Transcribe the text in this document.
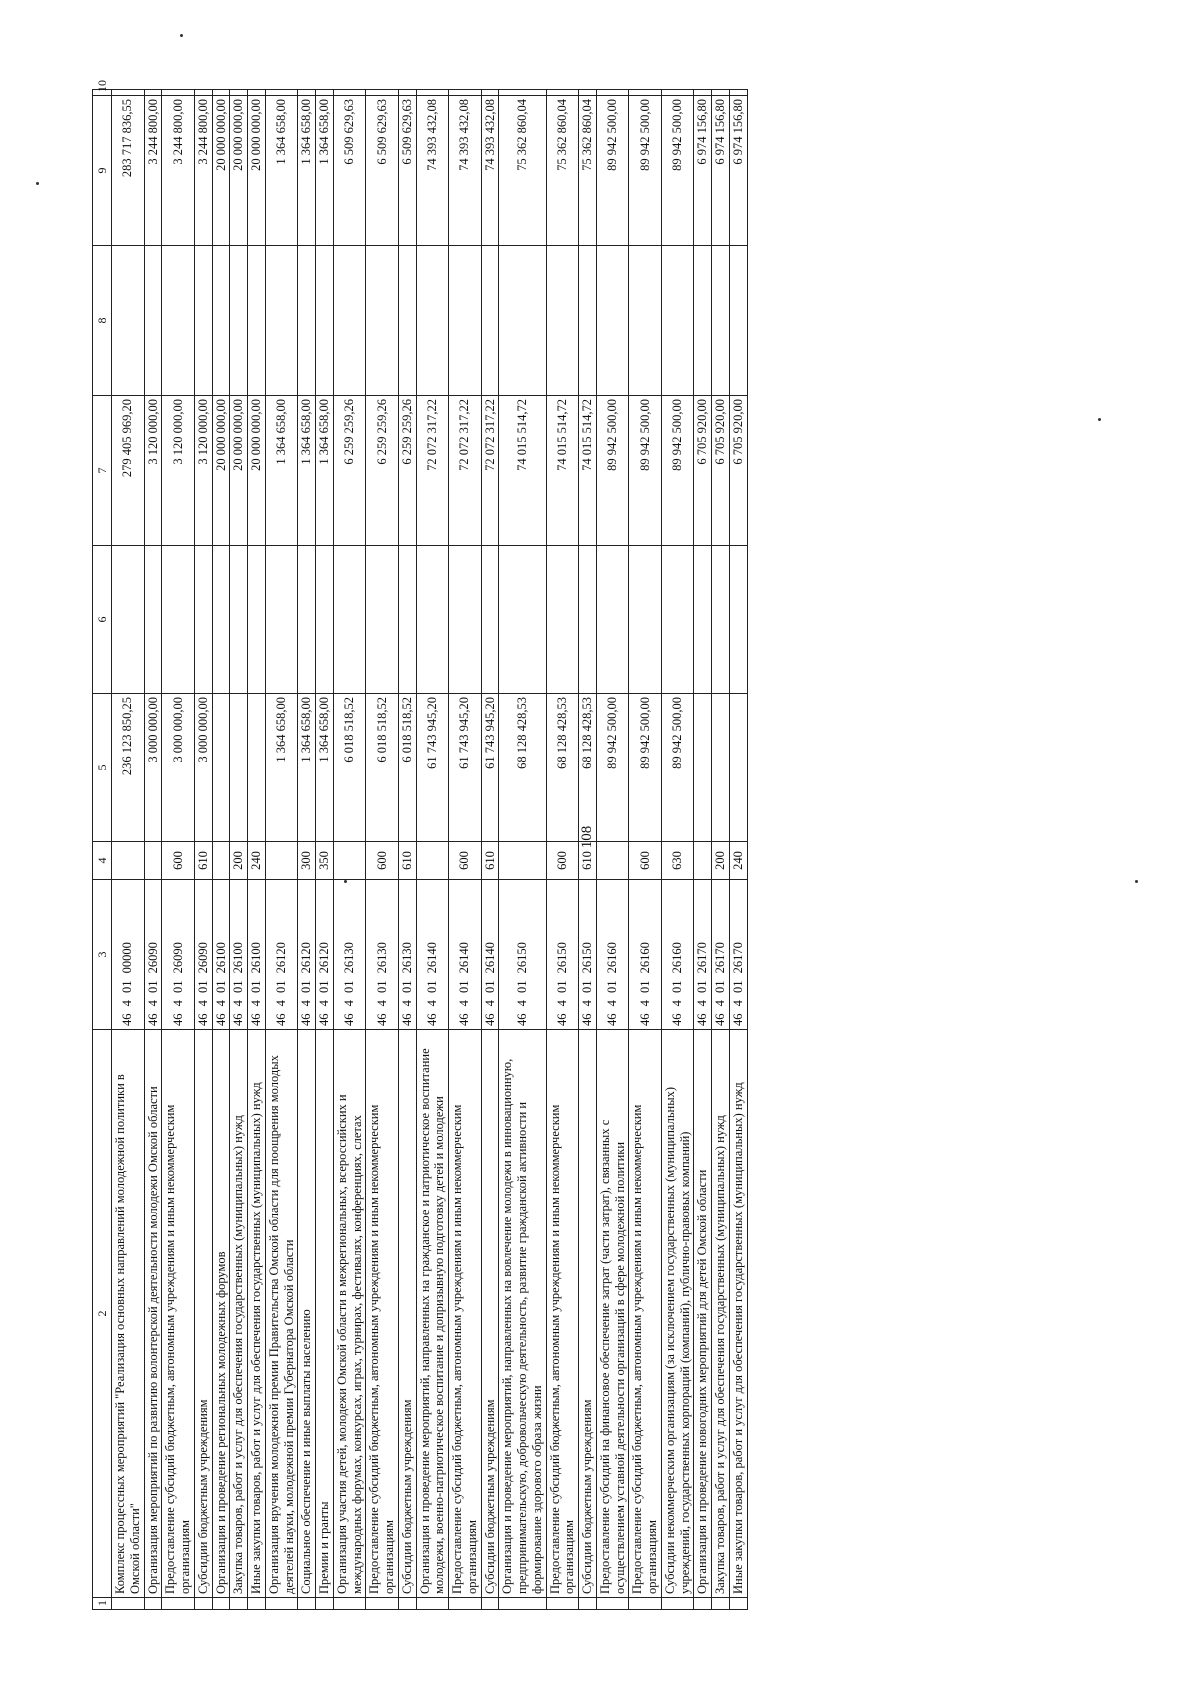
108
1	2	3	4	5	6	7	8	9	10
	Комплекс процессных мероприятий "Реализация основных направлений молодежной политики в Омской области"	46 4 01 00000		236 123 850,25		279 405 969,20		283 717 836,55	
	Организация мероприятий по развитию волонтерской деятельности молодежи Омской области	46 4 01 26090		3 000 000,00		3 120 000,00		3 244 800,00	
	Предоставление субсидий бюджетным, автономным учреждениям и иным некоммерческим организациям	46 4 01 26090	600	3 000 000,00		3 120 000,00		3 244 800,00	
	Субсидии бюджетным учреждениям	46 4 01 26090	610	3 000 000,00		3 120 000,00		3 244 800,00	
	Организация и проведение региональных молодежных форумов	46 4 01 26100				20 000 000,00		20 000 000,00	
	Закупка товаров, работ и услуг для обеспечения государственных (муниципальных) нужд	46 4 01 26100	200			20 000 000,00		20 000 000,00	
	Иные закупки товаров, работ и услуг для обеспечения государственных (муниципальных) нужд	46 4 01 26100	240			20 000 000,00		20 000 000,00	
	Организация вручения молодежной премии Правительства Омской области для поощрения молодых деятелей науки, молодежной премии Губернатора Омской области	46 4 01 26120		1 364 658,00		1 364 658,00		1 364 658,00	
	Социальное обеспечение и иные выплаты населению	46 4 01 26120	300	1 364 658,00		1 364 658,00		1 364 658,00	
	Премии и гранты	46 4 01 26120	350	1 364 658,00		1 364 658,00		1 364 658,00	
	Организация участия детей, молодежи Омской области в межрегиональных, всероссийских и международных форумах, конкурсах, играх, турнирах, фестивалях, конференциях, слетах	46 4 01 26130		6 018 518,52		6 259 259,26		6 509 629,63	
	Предоставление субсидий бюджетным, автономным учреждениям и иным некоммерческим организациям	46 4 01 26130	600	6 018 518,52		6 259 259,26		6 509 629,63	
	Субсидии бюджетным учреждениям	46 4 01 26130	610	6 018 518,52		6 259 259,26		6 509 629,63	
	Организация и проведение мероприятий, направленных на гражданское и патриотическое воспитание молодежи, военно-патриотическое воспитание и допризывную подготовку детей и молодежи	46 4 01 26140		61 743 945,20		72 072 317,22		74 393 432,08	
	Предоставление субсидий бюджетным, автономным учреждениям и иным некоммерческим организациям	46 4 01 26140	600	61 743 945,20		72 072 317,22		74 393 432,08	
	Субсидии бюджетным учреждениям	46 4 01 26140	610	61 743 945,20		72 072 317,22		74 393 432,08	
	Организация и проведение мероприятий, направленных на вовлечение молодежи в инновационную, предпринимательскую, добровольческую деятельность, развитие гражданской активности и формирование здорового образа жизни	46 4 01 26150		68 128 428,53		74 015 514,72		75 362 860,04	
	Предоставление субсидий бюджетным, автономным учреждениям и иным некоммерческим организациям	46 4 01 26150	600	68 128 428,53		74 015 514,72		75 362 860,04	
	Субсидии бюджетным учреждениям	46 4 01 26150	610	68 128 428,53		74 015 514,72		75 362 860,04	
	Предоставление субсидий на финансовое обеспечение затрат (части затрат), связанных с осуществлением уставной деятельности организаций в сфере молодежной политики	46 4 01 26160		89 942 500,00		89 942 500,00		89 942 500,00	
	Предоставление субсидий бюджетным, автономным учреждениям и иным некоммерческим организациям	46 4 01 26160	600	89 942 500,00		89 942 500,00		89 942 500,00	
	Субсидии некоммерческим организациям (за исключением государственных (муниципальных) учреждений, государственных корпораций (компаний), публично-правовых компаний)	46 4 01 26160	630	89 942 500,00		89 942 500,00		89 942 500,00	
	Организация и проведение новогодних мероприятий для детей Омской области	46 4 01 26170				6 705 920,00		6 974 156,80	
	Закупка товаров, работ и услуг для обеспечения государственных (муниципальных) нужд	46 4 01 26170	200			6 705 920,00		6 974 156,80	
	Иные закупки товаров, работ и услуг для обеспечения государственных (муниципальных) нужд	46 4 01 26170	240			6 705 920,00		6 974 156,80	
